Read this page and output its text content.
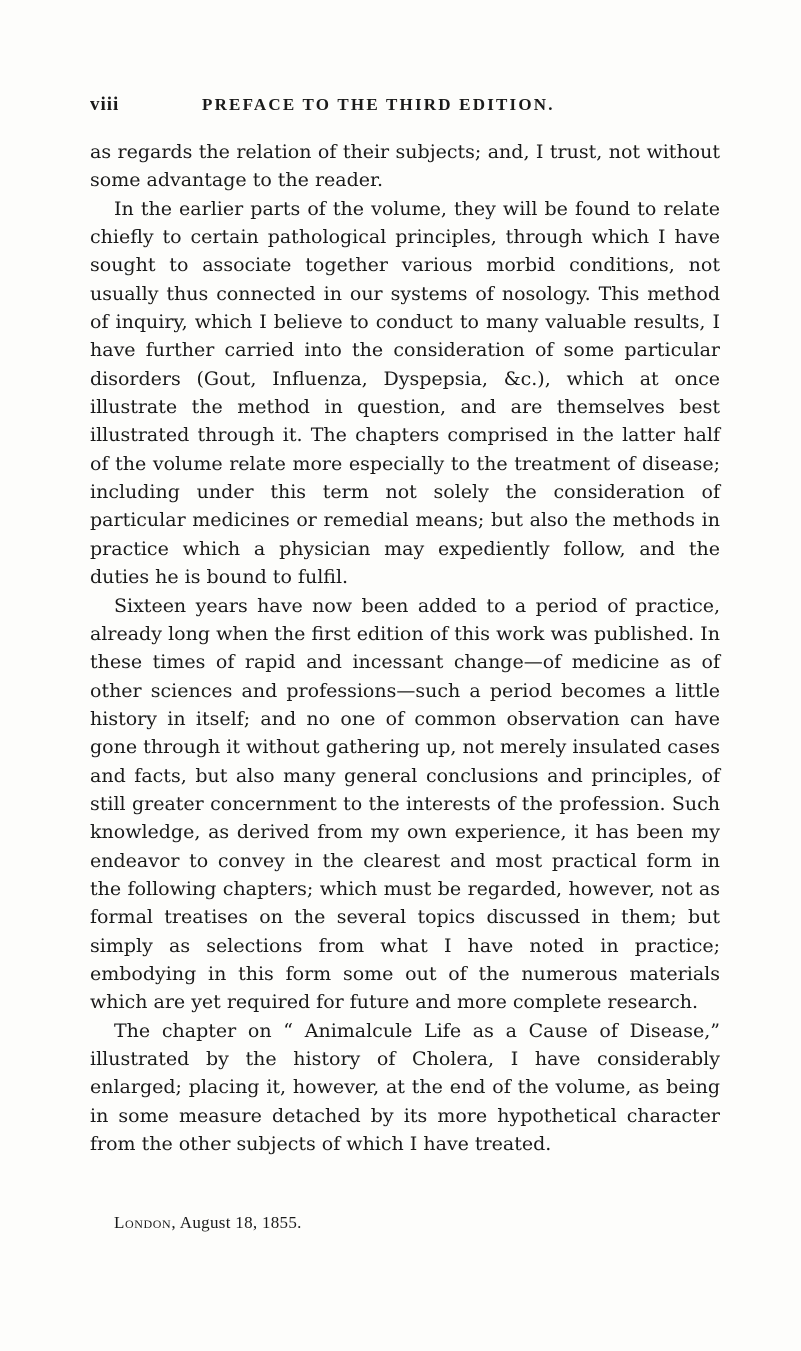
viii	PREFACE TO THE THIRD EDITION.

as regards the relation of their subjects; and, I trust, not without some advantage to the reader.

In the earlier parts of the volume, they will be found to relate chiefly to certain pathological principles, through which I have sought to associate together various morbid conditions, not usually thus connected in our systems of nosology. This method of inquiry, which I believe to conduct to many valuable results, I have further carried into the consideration of some particular disorders (Gout, Influenza, Dyspepsia, &c.), which at once illustrate the method in question, and are themselves best illustrated through it. The chapters comprised in the latter half of the volume relate more especially to the treatment of disease; including under this term not solely the consideration of particular medicines or remedial means; but also the methods in practice which a physician may expediently follow, and the duties he is bound to fulfil.

Sixteen years have now been added to a period of practice, already long when the first edition of this work was published. In these times of rapid and incessant change—of medicine as of other sciences and professions—such a period becomes a little history in itself; and no one of common observation can have gone through it without gathering up, not merely insulated cases and facts, but also many general conclusions and principles, of still greater concernment to the interests of the profession. Such knowledge, as derived from my own experience, it has been my endeavor to convey in the clearest and most practical form in the following chapters; which must be regarded, however, not as formal treatises on the several topics discussed in them; but simply as selections from what I have noted in practice; embodying in this form some out of the numerous materials which are yet required for future and more complete research.

The chapter on “ Animalcule Life as a Cause of Disease,” illustrated by the history of Cholera, I have considerably enlarged; placing it, however, at the end of the volume, as being in some measure detached by its more hypothetical character from the other subjects of which I have treated.

London, August 18, 1855.
